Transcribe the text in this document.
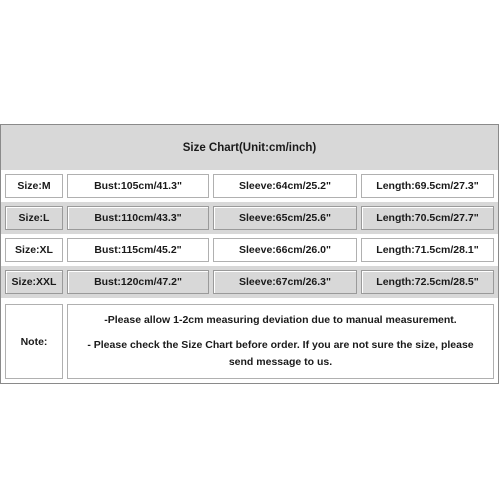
Size Chart(Unit:cm/inch)
Size:M	Bust:105cm/41.3"	Sleeve:64cm/25.2"	Length:69.5cm/27.3"
Size:L	Bust:110cm/43.3"	Sleeve:65cm/25.6"	Length:70.5cm/27.7"
Size:XL	Bust:115cm/45.2"	Sleeve:66cm/26.0"	Length:71.5cm/28.1"
Size:XXL	Bust:120cm/47.2"	Sleeve:67cm/26.3"	Length:72.5cm/28.5"
Note:
-Please allow 1-2cm measuring deviation due to manual measurement.
- Please check the Size Chart before order. If you are not sure the size, please send message to us.
